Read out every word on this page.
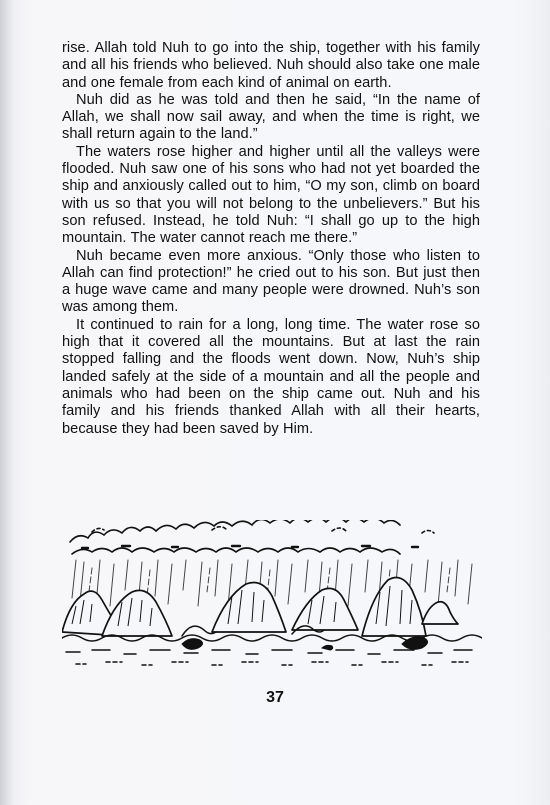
rise. Allah told Nuh to go into the ship, together with his family and all his friends who believed. Nuh should also take one male and one female from each kind of animal on earth.

Nuh did as he was told and then he said, “In the name of Allah, we shall now sail away, and when the time is right, we shall return again to the land.”

The waters rose higher and higher until all the valleys were flooded. Nuh saw one of his sons who had not yet boarded the ship and anxiously called out to him, “O my son, climb on board with us so that you will not belong to the unbelievers.” But his son refused. Instead, he told Nuh: “I shall go up to the high mountain. The water cannot reach me there.”

Nuh became even more anxious. “Only those who listen to Allah can find protection!” he cried out to his son. But just then a huge wave came and many people were drowned. Nuh’s son was among them.

It continued to rain for a long, long time. The water rose so high that it covered all the mountains. But at last the rain stopped falling and the floods went down. Now, Nuh’s ship landed safely at the side of a mountain and all the people and animals who had been on the ship came out. Nuh and his family and his friends thanked Allah with all their hearts, because they had been saved by Him.

37
